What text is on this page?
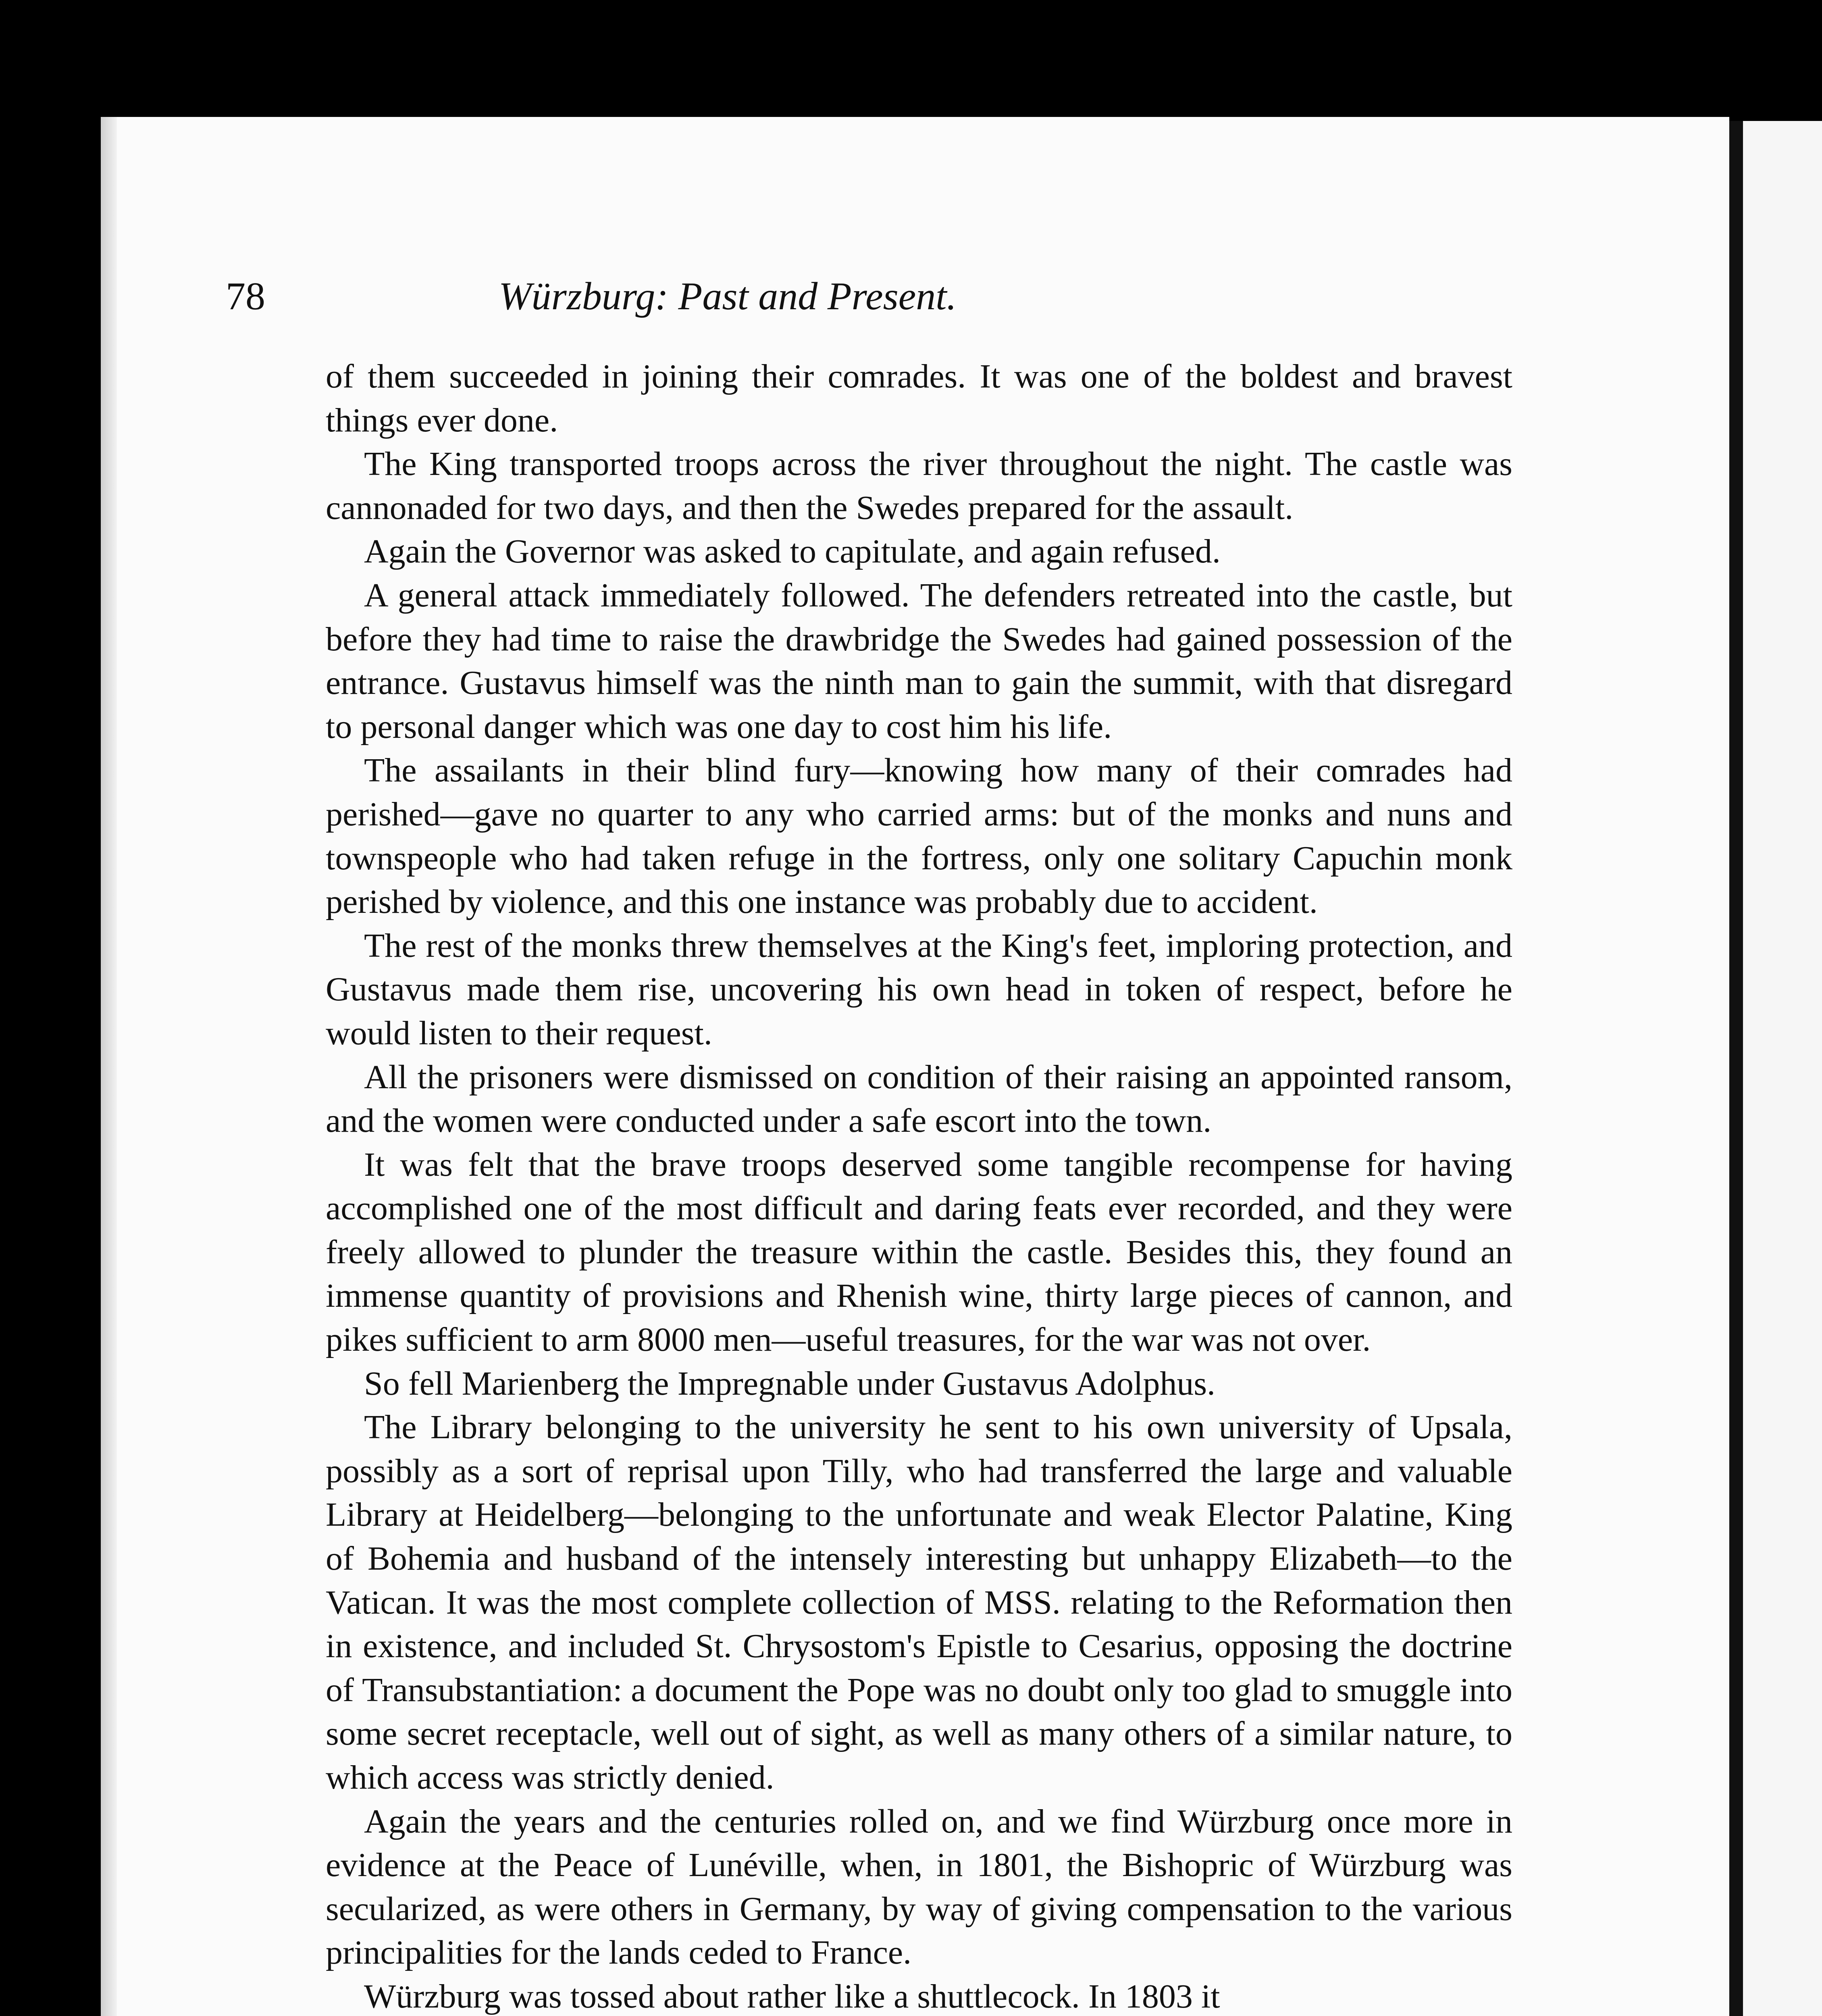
78	Würzburg: Past and Present.

of them succeeded in joining their comrades. It was one of the boldest and bravest things ever done.

The King transported troops across the river throughout the night. The castle was cannonaded for two days, and then the Swedes prepared for the assault.

Again the Governor was asked to capitulate, and again refused.

A general attack immediately followed. The defenders retreated into the castle, but before they had time to raise the drawbridge the Swedes had gained possession of the entrance. Gustavus himself was the ninth man to gain the summit, with that disregard to personal danger which was one day to cost him his life.

The assailants in their blind fury—knowing how many of their comrades had perished—gave no quarter to any who carried arms: but of the monks and nuns and townspeople who had taken refuge in the fortress, only one solitary Capuchin monk perished by violence, and this one instance was probably due to accident.

The rest of the monks threw themselves at the King's feet, imploring protection, and Gustavus made them rise, uncovering his own head in token of respect, before he would listen to their request.

All the prisoners were dismissed on condition of their raising an appointed ransom, and the women were conducted under a safe escort into the town.

It was felt that the brave troops deserved some tangible recompense for having accomplished one of the most difficult and daring feats ever recorded, and they were freely allowed to plunder the treasure within the castle. Besides this, they found an immense quantity of provisions and Rhenish wine, thirty large pieces of cannon, and pikes sufficient to arm 8000 men—useful treasures, for the war was not over.

So fell Marienberg the Impregnable under Gustavus Adolphus.

The Library belonging to the university he sent to his own university of Upsala, possibly as a sort of reprisal upon Tilly, who had transferred the large and valuable Library at Heidelberg—belonging to the unfortunate and weak Elector Palatine, King of Bohemia and husband of the intensely interesting but unhappy Elizabeth—to the Vatican. It was the most complete collection of MSS. relating to the Reformation then in existence, and included St. Chrysostom's Epistle to Cesarius, opposing the doctrine of Transubstantiation: a document the Pope was no doubt only too glad to smuggle into some secret receptacle, well out of sight, as well as many others of a similar nature, to which access was strictly denied.

Again the years and the centuries rolled on, and we find Würzburg once more in evidence at the Peace of Lunéville, when, in 1801, the Bishopric of Würzburg was secularized, as were others in Germany, by way of giving compensation to the various principalities for the lands ceded to France.

Würzburg was tossed about rather like a shuttlecock. In 1803 it
